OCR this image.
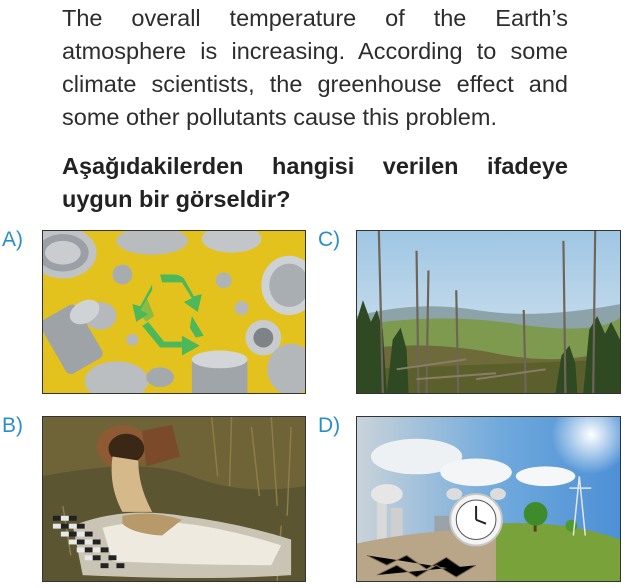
The overall temperature of the Earth’s atmosphere is increasing. According to some climate scientists, the greenhouse effect and some other pollutants cause this problem.
Aşağıdakilerden hangisi verilen ifadeye uygun bir görseldir?
A)	C)
B)	D)
